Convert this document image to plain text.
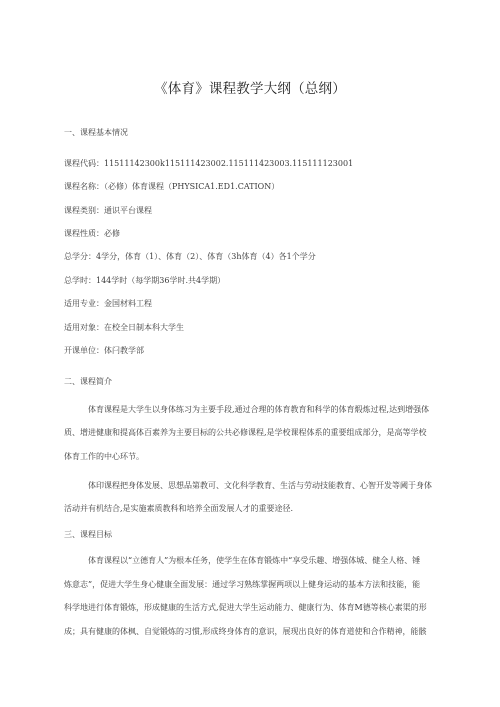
《体育》课程教学大纲（总纲）
一、课程基本情况
课程代码：11511142300k115111423002.115111423003.115111123001
课程名称：（必修）体育课程（PHYSICA1.ED1.CATION）
课程类别：通识平台课程
课程性质：必修
总学分：4学分，体育（1）、体育（2）、体育（3h体育（4）各1个学分
总学时：144学时（每学期36学时.共4学期）
适用专业：金国材料工程
适用对象：在校全日制本科大学生
开课单位：体闩教学部
二、课程简介
体育课程是大学生以身体练习为主要手段,通过合理的体育教育和科学的体育煅炼过程,达到增强体
质、增进健康和提高体百素养为主要目标的公共必修课程,是学校课程体系的重要组成部分，是高等学校
体育工作的中心环节。
体印课程把身体发展、思想品第教可、文化科学教育、生活与劳动技能教育、心智开发等阈于身体
活动并有机结合,是实施素质教科和培养全面发展人才的重要途径.
三、课程目标
体育课程以“立德育人”为根本任务，使学生在体育锻炼中“享受乐趣、增强体城、健全人格、锤
炼意志”，促进大学生身心健康全面发展：通过学习熟练掌握两项以上健身运动的基本方法和技能，能
科学地进行体育锻炼，形成健康的生活方式,促进大学生运动能力、健康行为、体育M德等核心素渠的形
成；具有健康的体枫、自觉锻炼的习惯,形成终身体育的意识，展现出良好的体育道使和合作精神，能骸
